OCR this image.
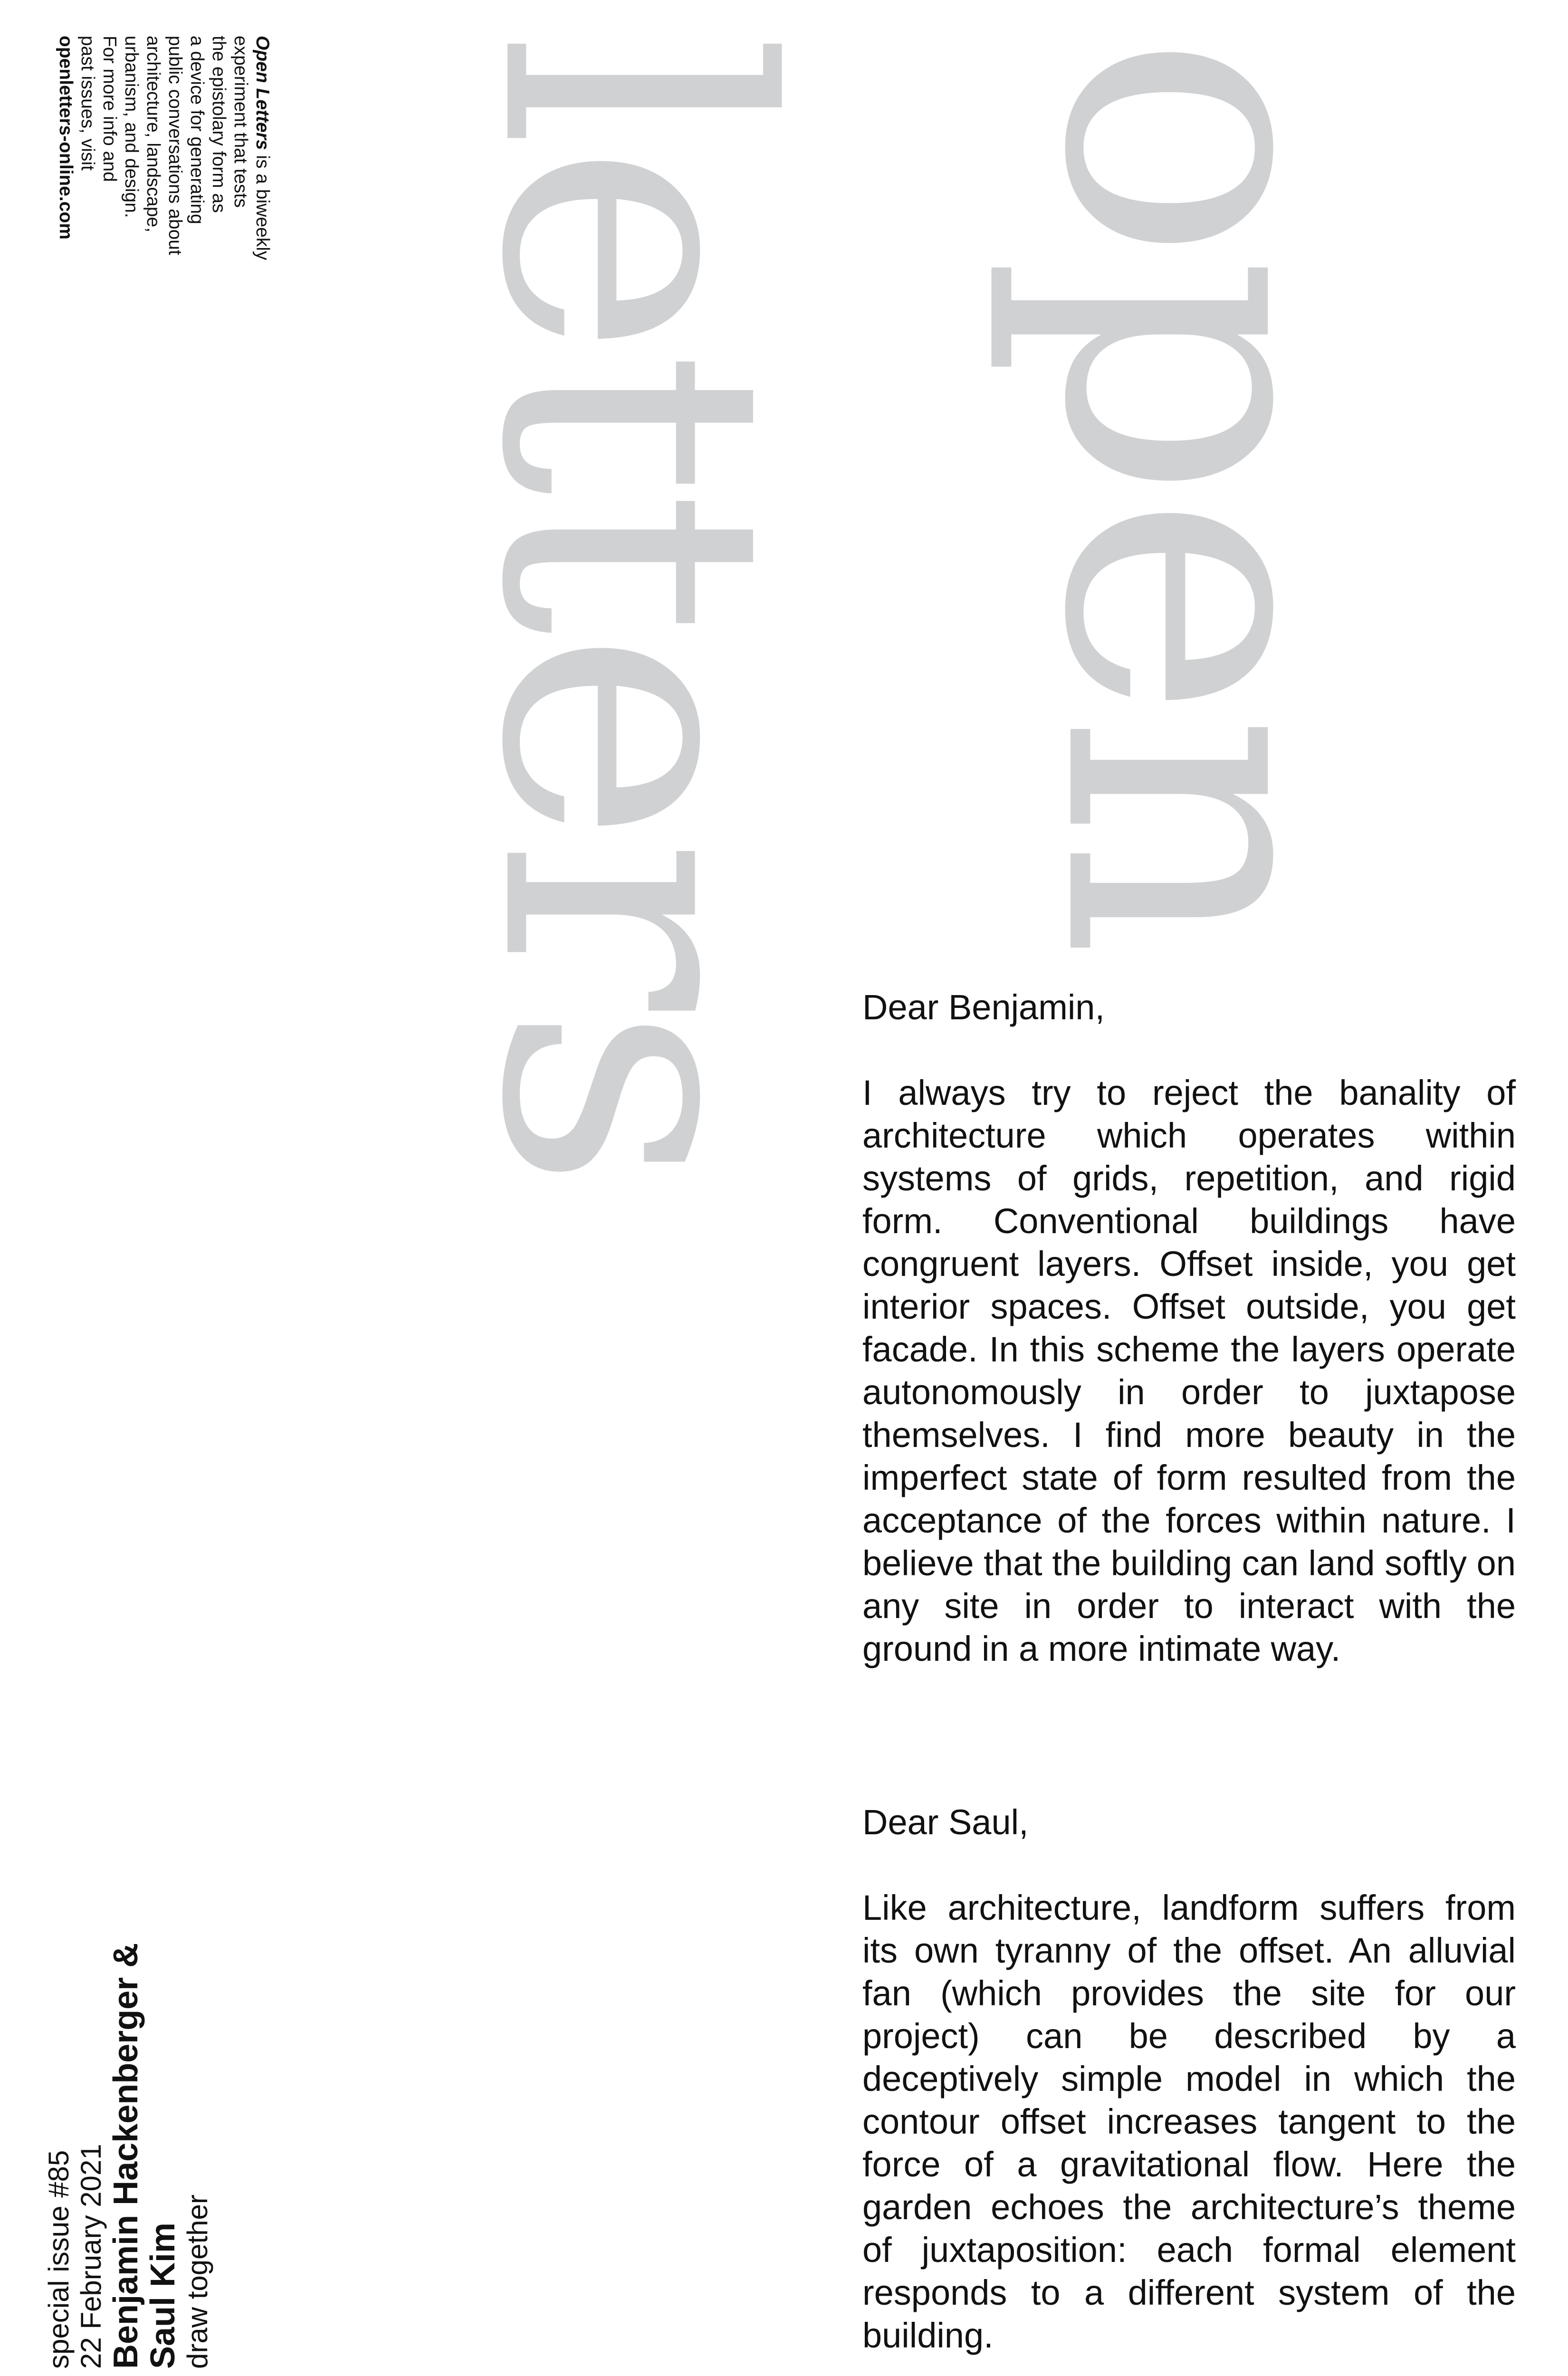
open
letters
Open Letters is a biweekly
experiment that tests
the epistolary form as
a device for generating
public conversations about
architecture, landscape,
urbanism, and design.
For more info and
past issues, visit
openletters-online.com
special issue #85 22 February 2021 Benjamin Hackenberger &
Saul Kim draw together

Dear Benjamin,

I always try to reject the banality of architecture which operates within systems of grids, repetition, and rigid form. Conventional buildings have congruent layers. Offset inside, you get interior spaces. Offset outside, you get facade. In this scheme the layers operate autonomously in order to juxtapose themselves. I find more beauty in the imperfect state of form resulted from the acceptance of the forces within nature. I believe that the building can land softly on any site in order to interact with the ground in a more intimate way.

Dear Saul,

Like architecture, landform suffers from its own tyranny of the offset. An alluvial fan (which provides the site for our project) can be described by a deceptively simple model in which the contour offset increases tangent to the force of a gravitational flow. Here the garden echoes the architecture’s theme of juxtaposition: each formal element responds to a different system of the building.
